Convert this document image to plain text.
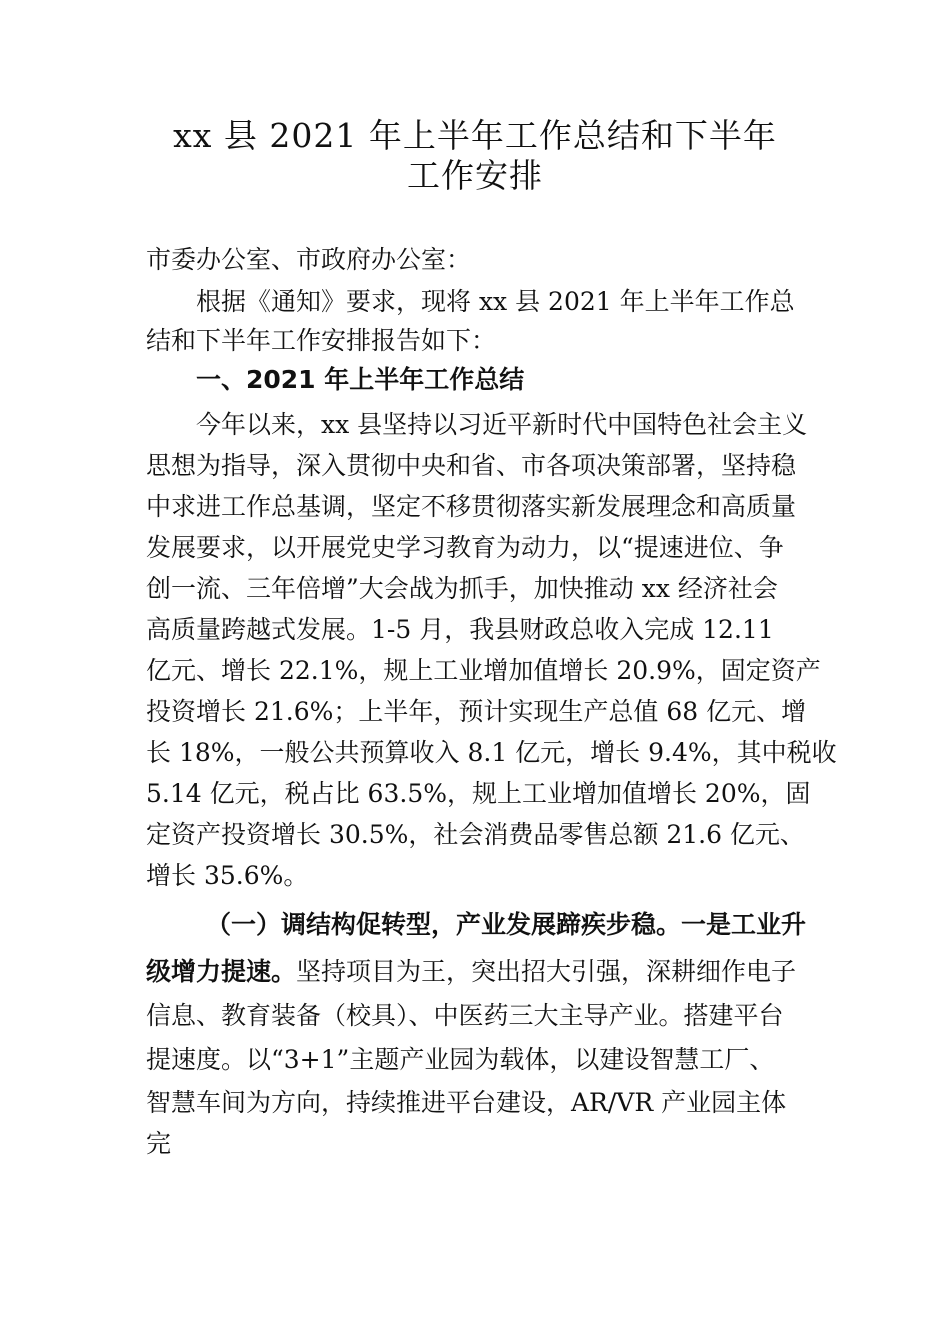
xx 县 2021 年上半年工作总结和下半年
工作安排

市委办公室、市政府办公室：

根据《通知》要求，现将 xx 县 2021 年上半年工作总

结和下半年工作安排报告如下：

一、2021 年上半年工作总结

今年以来，xx 县坚持以习近平新时代中国特色社会主义

思想为指导，深入贯彻中央和省、市各项决策部署，坚持稳

中求进工作总基调，坚定不移贯彻落实新发展理念和高质量

发展要求，以开展党史学习教育为动力，以“提速进位、争

创一流、三年倍增”大会战为抓手，加快推动 xx 经济社会

高质量跨越式发展。1-5 月，我县财政总收入完成 12.11

亿元、增长 22.1%，规上工业增加值增长 20.9%，固定资产

投资增长 21.6%；上半年，预计实现生产总值 68 亿元、增

长 18%，一般公共预算收入 8.1 亿元，增长 9.4%，其中税收

5.14 亿元，税占比 63.5%，规上工业增加值增长 20%，固

定资产投资增长 30.5%，社会消费品零售总额 21.6 亿元、

增长 35.6%。

（一）调结构促转型，产业发展蹄疾步稳。一是工业升

级增力提速。坚持项目为王，突出招大引强，深耕细作电子

信息、教育装备（校具）、中医药三大主导产业。搭建平台

提速度。以“3+1”主题产业园为载体，以建设智慧工厂、

智慧车间为方向，持续推进平台建设，AR/VR 产业园主体

完
